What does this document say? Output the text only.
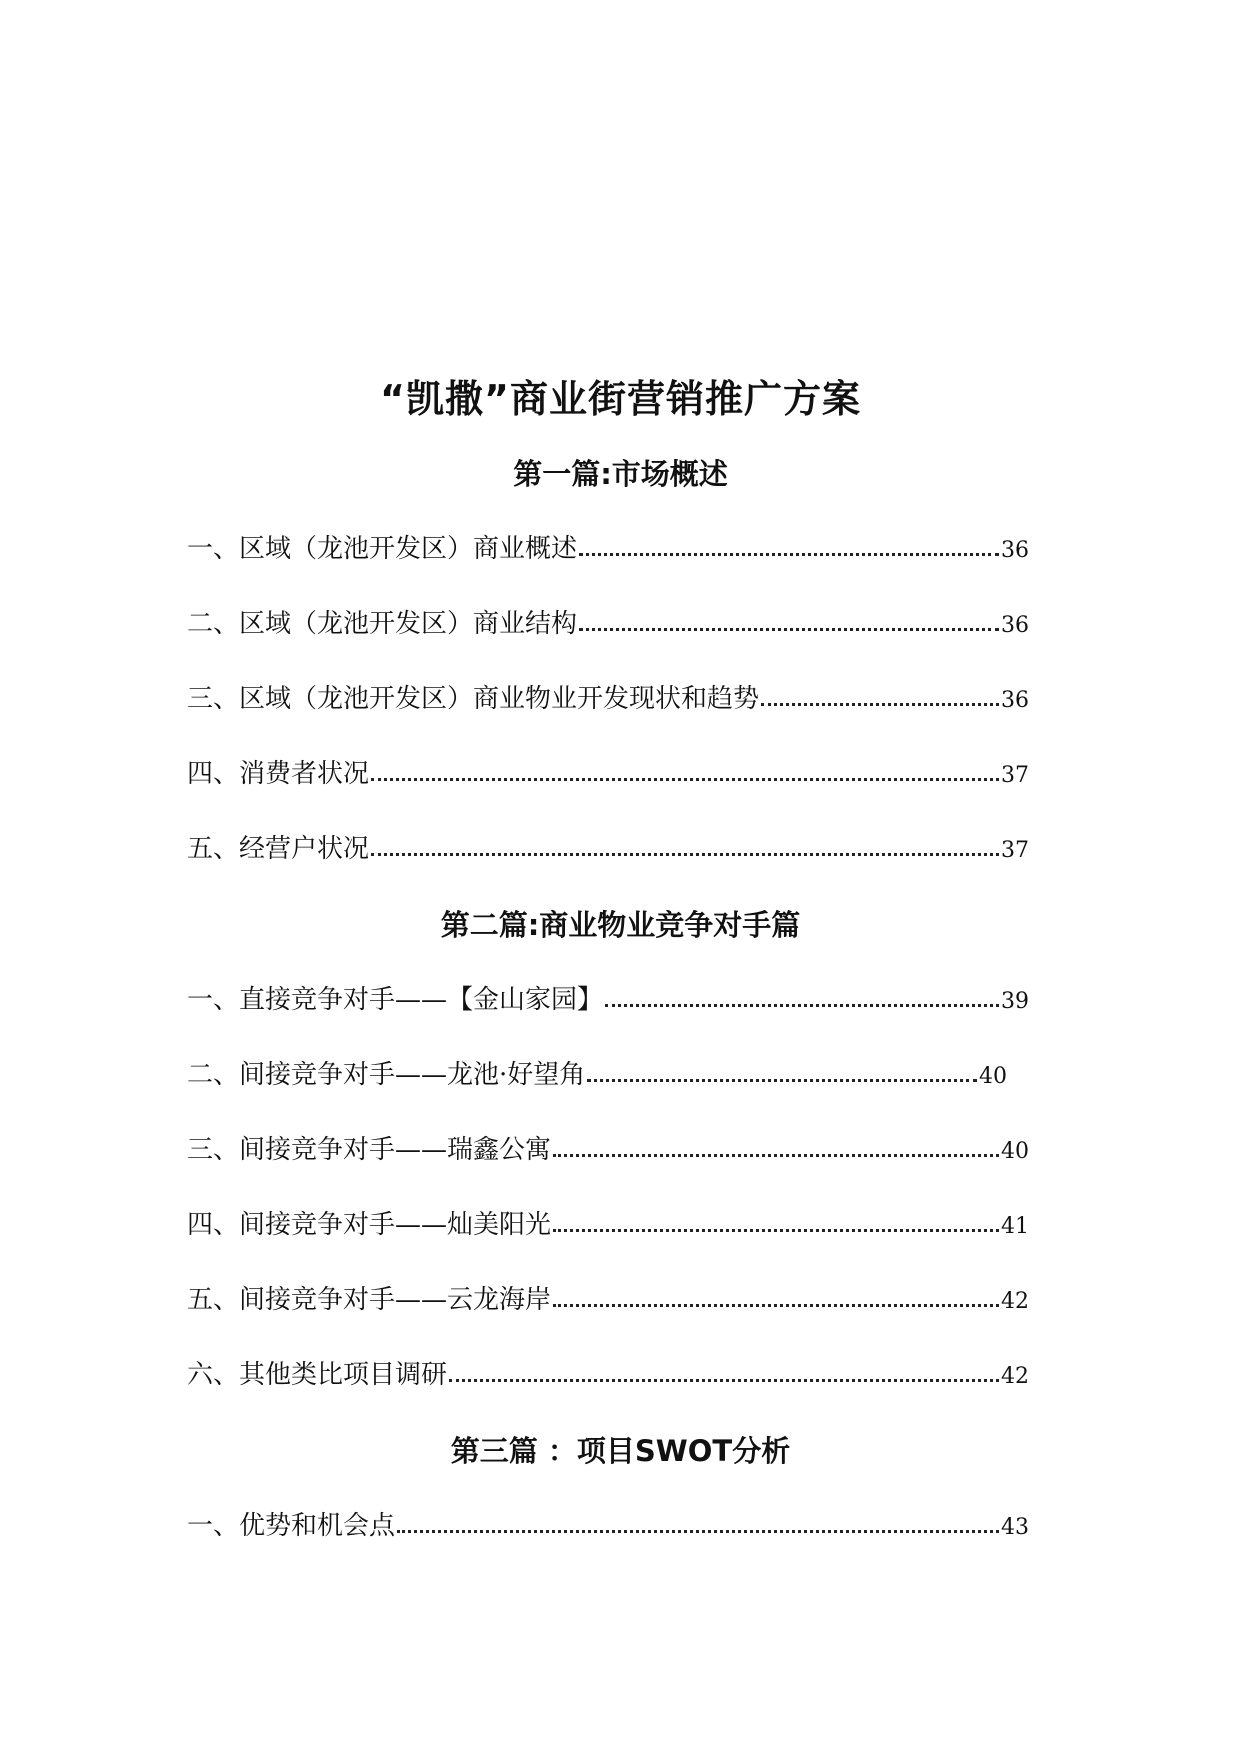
“凯撒”商业街营销推广方案
第一篇:市场概述
一、区域（龙池开发区）商业概述	36
二、区域（龙池开发区）商业结构	36
三、区域（龙池开发区）商业物业开发现状和趋势	36
四、消费者状况	37
五、经营户状况	37
第二篇:商业物业竞争对手篇
一、直接竞争对手——【金山家园】	39
二、间接竞争对手——龙池·好望角	40
三、间接竞争对手——瑞鑫公寓	40
四、间接竞争对手——灿美阳光	41
五、间接竞争对手——云龙海岸	42
六、其他类比项目调研	42
第三篇 ：项目SWOT分析
一、优势和机会点	43
